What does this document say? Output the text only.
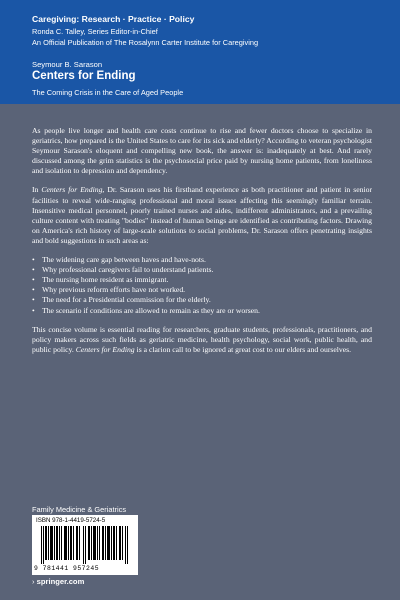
Caregiving: Research · Practice · Policy
Ronda C. Talley, Series Editor-in-Chief
An Official Publication of The Rosalynn Carter Institute for Caregiving
Seymour B. Sarason
Centers for Ending
The Coming Crisis in the Care of Aged People

As people live longer and health care costs continue to rise and fewer doctors choose to specialize in geriatrics, how prepared is the United States to care for its sick and elderly? According to veteran psychologist Seymour Sarason's eloquent and compelling new book, the answer is: inadequately at best. And rarely discussed among the grim statistics is the psychosocial price paid by nursing home patients, from loneliness and isolation to depression and dependency.

In Centers for Ending, Dr. Sarason uses his firsthand experience as both practitioner and patient in senior facilities to reveal wide-ranging professional and moral issues affecting this seemingly familiar terrain. Insensitive medical personnel, poorly trained nurses and aides, indifferent administrators, and a prevailing culture content with treating "bodies" instead of human beings are identified as contributing factors. Drawing on America's rich history of large-scale solutions to social problems, Dr. Sarason offers penetrating insights and bold suggestions in such areas as:

• The widening care gap between haves and have-nots.
• Why professional caregivers fail to understand patients.
• The nursing home resident as immigrant.
• Why previous reform efforts have not worked.
• The need for a Presidential commission for the elderly.
• The scenario if conditions are allowed to remain as they are or worsen.

This concise volume is essential reading for researchers, graduate students, professionals, practitioners, and policy makers across such fields as geriatric medicine, health psychology, social work, public health, and public policy. Centers for Ending is a clarion call to be ignored at great cost to our elders and ourselves.

Family Medicine & Geriatrics
ISBN 978-1-4419-5724-5
9 781441 957245
› springer.com
